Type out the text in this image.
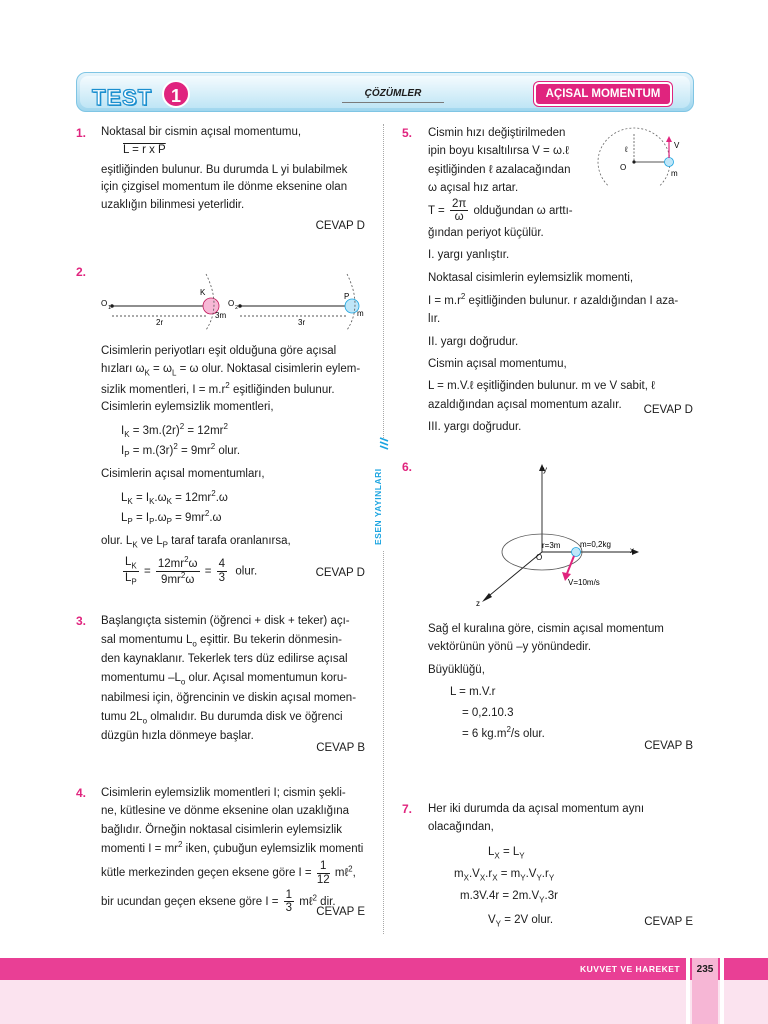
TEST	1	ÇÖZÜMLER	AÇISAL MOMENTUM
ESEN YAYINLARI
1. Noktasal bir cismin açısal momentumu,
L = r x P
eşitliğinden bulunur. Bu durumda L yi bulabilmek
için çizgisel momentum ile dönme eksenine olan
uzaklığın bilinmesi yeterlidir.
CEVAP D
2.
O 1
K
2r
3m
O 2
P
3r
m
Cisimlerin periyotları eşit olduğuna göre açısal
hızları $\omega_K = \omega_L = \omega$ olur. Noktasal cisimlerin eylem-
sizlik momentleri, $I = m.r^2$ eşitliğinden bulunur.
Cisimlerin eylemsizlik momentleri,
$I_K = 3m.(2r)^2 = 12mr^2$
$I_P = m.(3r)^2 = 9mr^2$ olur.
Cisimlerin açısal momentumları,
$L_K = I_K.\omega_K = 12mr^2.\omega$
$L_P = I_P.\omega_P = 9mr^2.\omega$
olur. $L_K$ ve $L_P$ taraf tarafa oranlanırsa,
$\frac{L_K}{L_P} = \frac{12mr^2\omega}{9mr^2\omega} = \frac{4}{3}$ olur.	CEVAP D
3. Başlangıçta sistemin (öğrenci + disk + teker) açı-
sal momentumu $L_o$ eşittir. Bu tekerin dönmesin-
den kaynaklanır. Tekerlek ters düz edilirse açısal
momentumu $-L_o$ olur. Açısal momentumun koru-
nabilmesi için, öğrencinin ve diskin açısal momen-
tumu $2L_o$ olmalıdır. Bu durumda disk ve öğrenci
düzgün hızla dönmeye başlar.
CEVAP B
4. Cisimlerin eylemsizlik momentleri I; cismin şekli-
ne, kütlesine ve dönme eksenine olan uzaklığına
bağlıdır. Örneğin noktasal cisimlerin eylemsizlik
momenti $I = mr^2$ iken, çubuğun eylemsizlik momenti
kütle merkezinden geçen eksene göre $I = \frac{1}{12}$ mℓ$^2$,
bir ucundan geçen eksene göre $I = \frac{1}{3}$ mℓ$^2$ dir.
CEVAP E
5.
ℓ	V
O
m
Cismin hızı değiştirilmeden
ipin boyu kısaltılırsa V = ω.ℓ
eşitliğinden ℓ azalacağından
ω açısal hız artar.
$T = \frac{2\pi}{\omega}$ olduğundan ω arttı-
ğından periyot küçülür.
I. yargı yanlıştır.
Noktasal cisimlerin eylemsizlik momenti,
$I = m.r^2$ eşitliğinden bulunur. r azaldığından I aza-
lır.
II. yargı doğrudur.
Cismin açısal momentumu,
L = m.V.ℓ eşitliğinden bulunur. m ve V sabit, ℓ
azaldığından açısal momentum azalır.
III. yargı doğrudur.
CEVAP D
6.	y
x
z
r=3m m=0,2kg
O
V=10m/s
Sağ el kuralına göre, cismin açısal momentum
vektörünün yönü –y yönündedir.
Büyüklüğü,
L = m.V.r
= 0,2.10.3
= 6 $kg.m^2/s$ olur.
CEVAP B
7. Her iki durumda da açısal momentum aynı
olacağından,
$L_X = L_Y$
$m_X.V_X.r_X = m_Y.V_Y.r_Y$
$m.3V.4r = 2m.V_Y.3r$
$V_Y = 2V$ olur.	CEVAP E
KUVVET VE HAREKET	235
